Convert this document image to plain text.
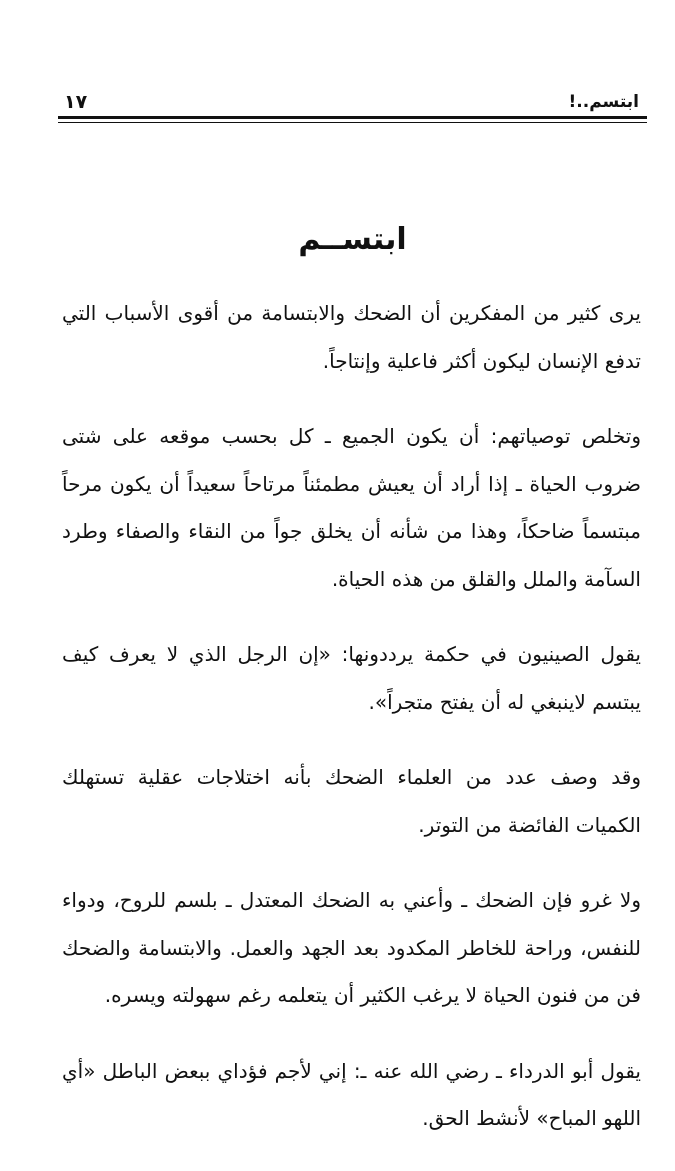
ابتسم..!
١٧
ابتســم

يرى كثير من المفكرين أن الضحك والابتسامة من أقوى الأسباب التي تدفع الإنسان ليكون أكثر فاعلية وإنتاجاً.

وتخلص توصياتهم: أن يكون الجميع ـ كل بحسب موقعه على شتى ضروب الحياة ـ إذا أراد أن يعيش مطمئناً مرتاحاً سعيداً أن يكون مرحاً مبتسماً ضاحكاً، وهذا من شأنه أن يخلق جواً من النقاء والصفاء وطرد السآمة والملل والقلق من هذه الحياة.

يقول الصينيون في حكمة يرددونها: «إن الرجل الذي لا يعرف كيف يبتسم لاينبغي له أن يفتح متجراً».

وقد وصف عدد من العلماء الضحك بأنه اختلاجات عقلية تستهلك الكميات الفائضة من التوتر.

ولا غرو فإن الضحك ـ وأعني به الضحك المعتدل ـ بلسم للروح، ودواء للنفس، وراحة للخاطر المكدود بعد الجهد والعمل. والابتسامة والضحك فن من فنون الحياة لا يرغب الكثير أن يتعلمه رغم سهولته ويسره.

يقول أبو الدرداء ـ رضي الله عنه ـ: إني لأجم فؤداي ببعض الباطل «أي اللهو المباح» لأنشط الحق.
